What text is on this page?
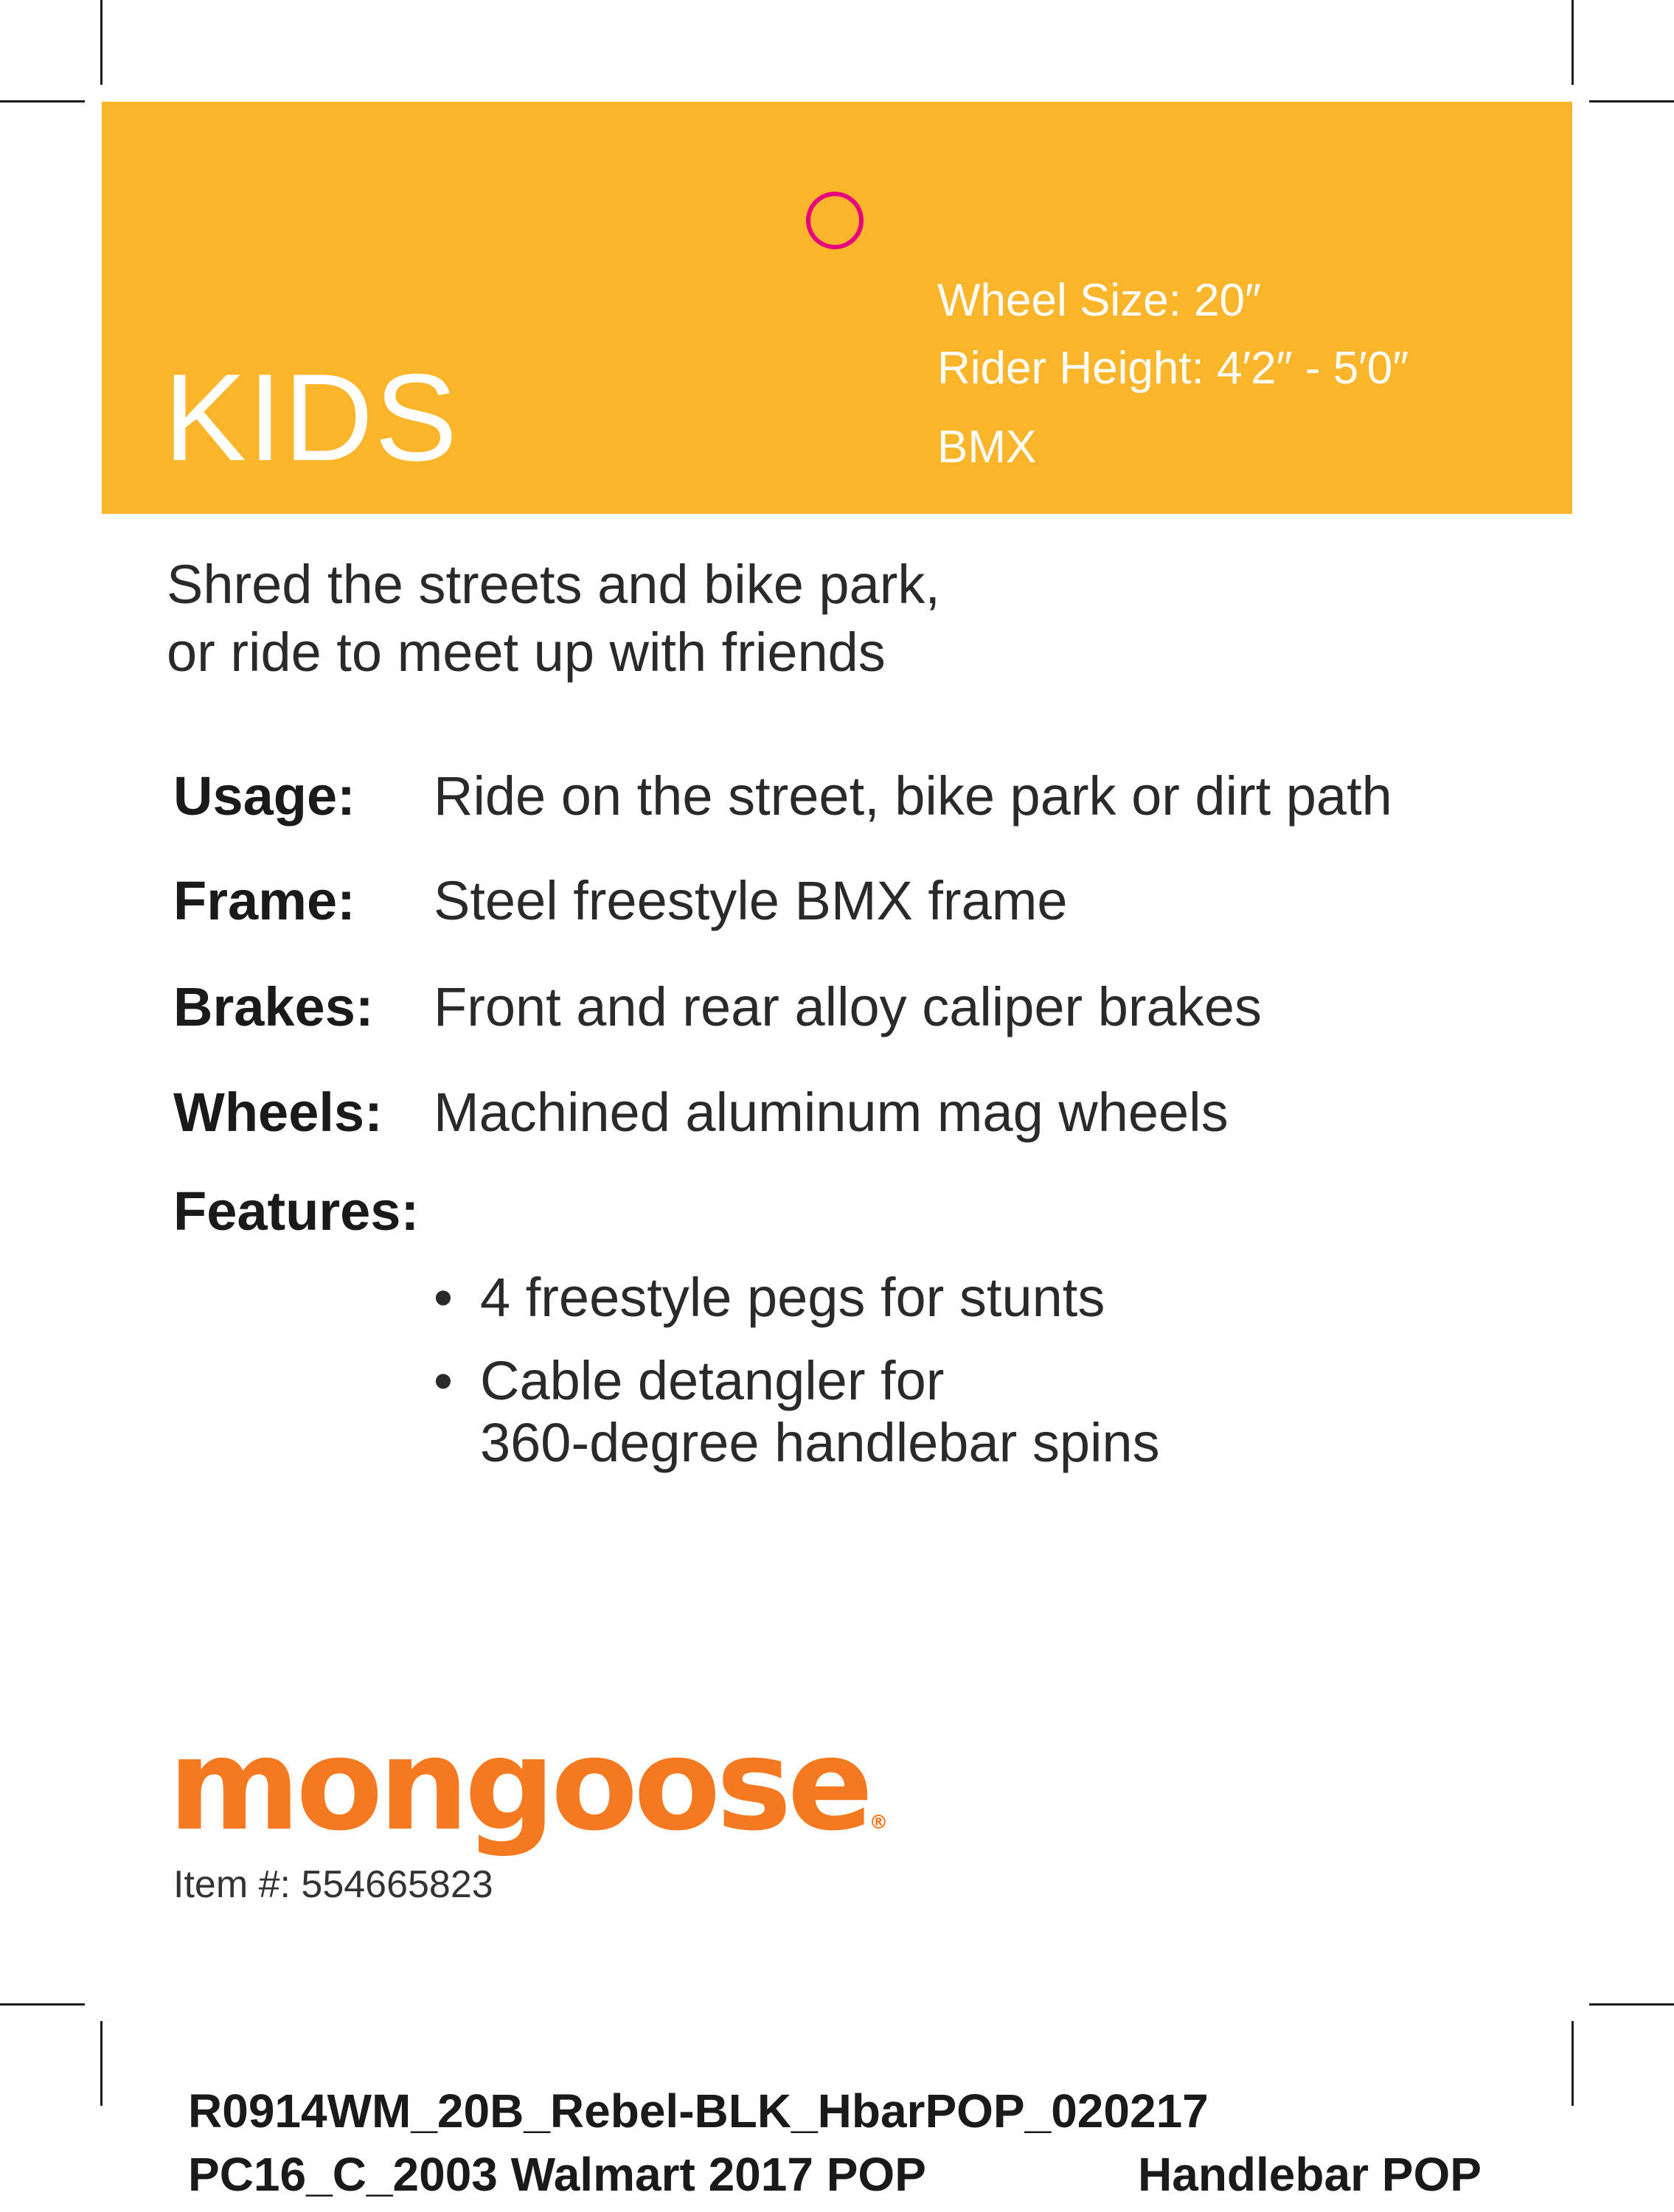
KIDS
Wheel Size: 20″
Rider Height: 4′2″ - 5′0″
BMX
Shred the streets and bike park,
or ride to meet up with friends
Usage: Ride on the street, bike park or dirt path
Frame: Steel freestyle BMX frame
Brakes: Front and rear alloy caliper brakes
Wheels: Machined aluminum mag wheels
Features:
• 4 freestyle pegs for stunts
• Cable detangler for
360-degree handlebar spins
mongoose®
Item #: 554665823
R0914WM_20B_Rebel-BLK_HbarPOP_020217
PC16_C_2003 Walmart 2017 POP	Handlebar POP
